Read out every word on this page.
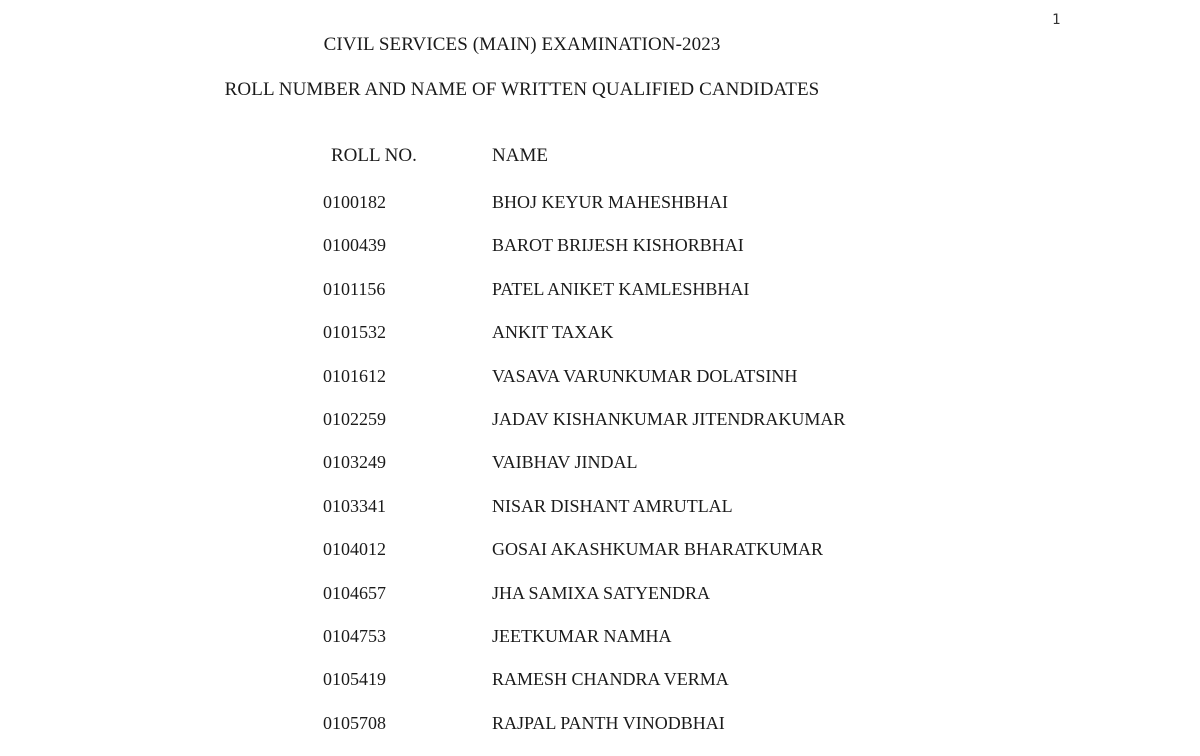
1
CIVIL SERVICES (MAIN) EXAMINATION-2023
ROLL NUMBER AND NAME OF WRITTEN QUALIFIED CANDIDATES
ROLL NO.	NAME
0100182	BHOJ KEYUR MAHESHBHAI
0100439	BAROT BRIJESH KISHORBHAI
0101156	PATEL ANIKET KAMLESHBHAI
0101532	ANKIT TAXAK
0101612	VASAVA VARUNKUMAR DOLATSINH
0102259	JADAV KISHANKUMAR JITENDRAKUMAR
0103249	VAIBHAV JINDAL
0103341	NISAR DISHANT AMRUTLAL
0104012	GOSAI AKASHKUMAR BHARATKUMAR
0104657	JHA SAMIXA SATYENDRA
0104753	JEETKUMAR NAMHA
0105419	RAMESH CHANDRA VERMA
0105708	RAJPAL PANTH VINODBHAI
